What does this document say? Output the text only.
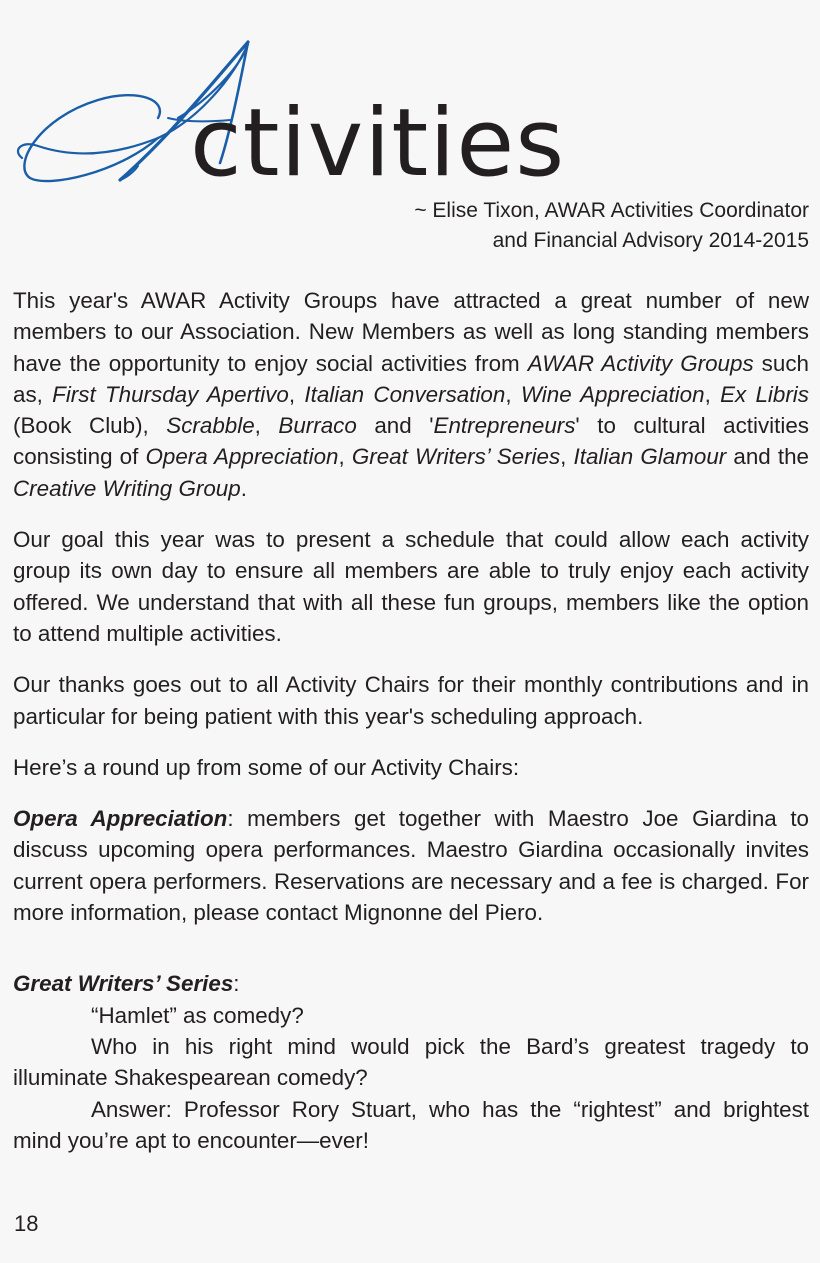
ctivities
~ Elise Tixon, AWAR Activities Coordinator
and Financial Advisory 2014-2015

This year's AWAR Activity Groups have attracted a great number of new members to our Association. New Members as well as long standing members have the opportunity to enjoy social activities from AWAR Activity Groups such as, First Thursday Apertivo, Italian Conversation, Wine Appreciation, Ex Libris (Book Club), Scrabble, Burraco and 'Entrepreneurs' to cultural activities consisting of Opera Appreciation, Great Writers’ Series, Italian Glamour and the Creative Writing Group.

Our goal this year was to present a schedule that could allow each activity group its own day to ensure all members are able to truly enjoy each activity offered. We understand that with all these fun groups, members like the option to attend multiple activities.

Our thanks goes out to all Activity Chairs for their monthly contributions and in particular for being patient with this year's scheduling approach.

Here’s a round up from some of our Activity Chairs:

Opera Appreciation: members get together with Maestro Joe Giardina to discuss upcoming opera performances. Maestro Giardina occasionally invites current opera performers. Reservations are necessary and a fee is charged. For more information, please contact Mignonne del Piero.

Great Writers’ Series:

“Hamlet” as comedy?

Who in his right mind would pick the Bard’s greatest tragedy to illuminate Shakespearean comedy?

Answer: Professor Rory Stuart, who has the “rightest” and brightest mind you’re apt to encounter—ever!

18
